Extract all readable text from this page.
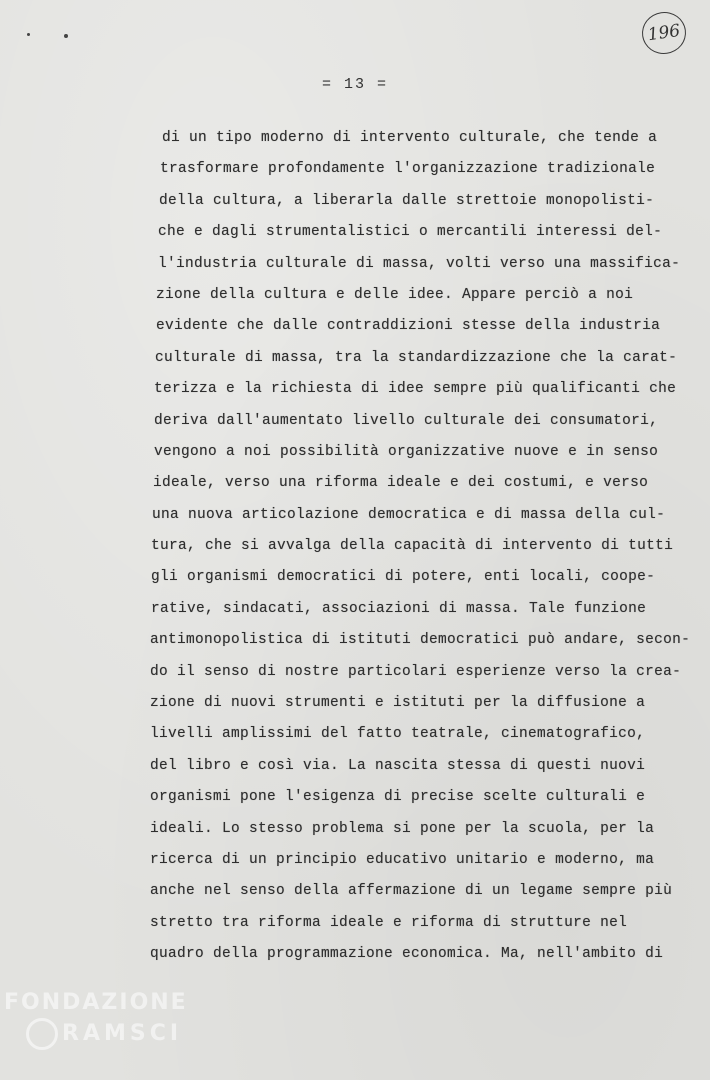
196
= 13 =
di un tipo moderno di intervento culturale, che tende a
trasformare profondamente l'organizzazione tradizionale
della cultura, a liberarla dalle strettoie monopolisti-
che e dagli strumentalistici o mercantili interessi del-
l'industria culturale di massa, volti verso una massifica-
zione della cultura e delle idee. Appare perciò a noi
evidente che dalle contraddizioni stesse della industria
culturale di massa, tra la standardizzazione che la carat-
terizza e la richiesta di idee sempre più qualificanti che
deriva dall'aumentato livello culturale dei consumatori,
vengono a noi possibilità organizzative nuove e in senso
ideale, verso una riforma ideale e dei costumi, e verso
una nuova articolazione democratica e di massa della cul-
tura, che si avvalga della capacità di intervento di tutti
gli organismi democratici di potere, enti locali, coope-
rative, sindacati, associazioni di massa. Tale funzione
antimonopolistica di istituti democratici può andare, secon-
do il senso di nostre particolari esperienze verso la crea-
zione di nuovi strumenti e istituti per la diffusione a
livelli amplissimi del fatto teatrale, cinematografico,
del libro e così via. La nascita stessa di questi nuovi
organismi pone l'esigenza di precise scelte culturali e
ideali. Lo stesso problema si pone per la scuola, per la
ricerca di un principio educativo unitario e moderno, ma
anche nel senso della affermazione di un legame sempre più
stretto tra riforma ideale e riforma di strutture nel
quadro della programmazione economica. Ma, nell'ambito di
FONDAZIONE
RAMSCI
